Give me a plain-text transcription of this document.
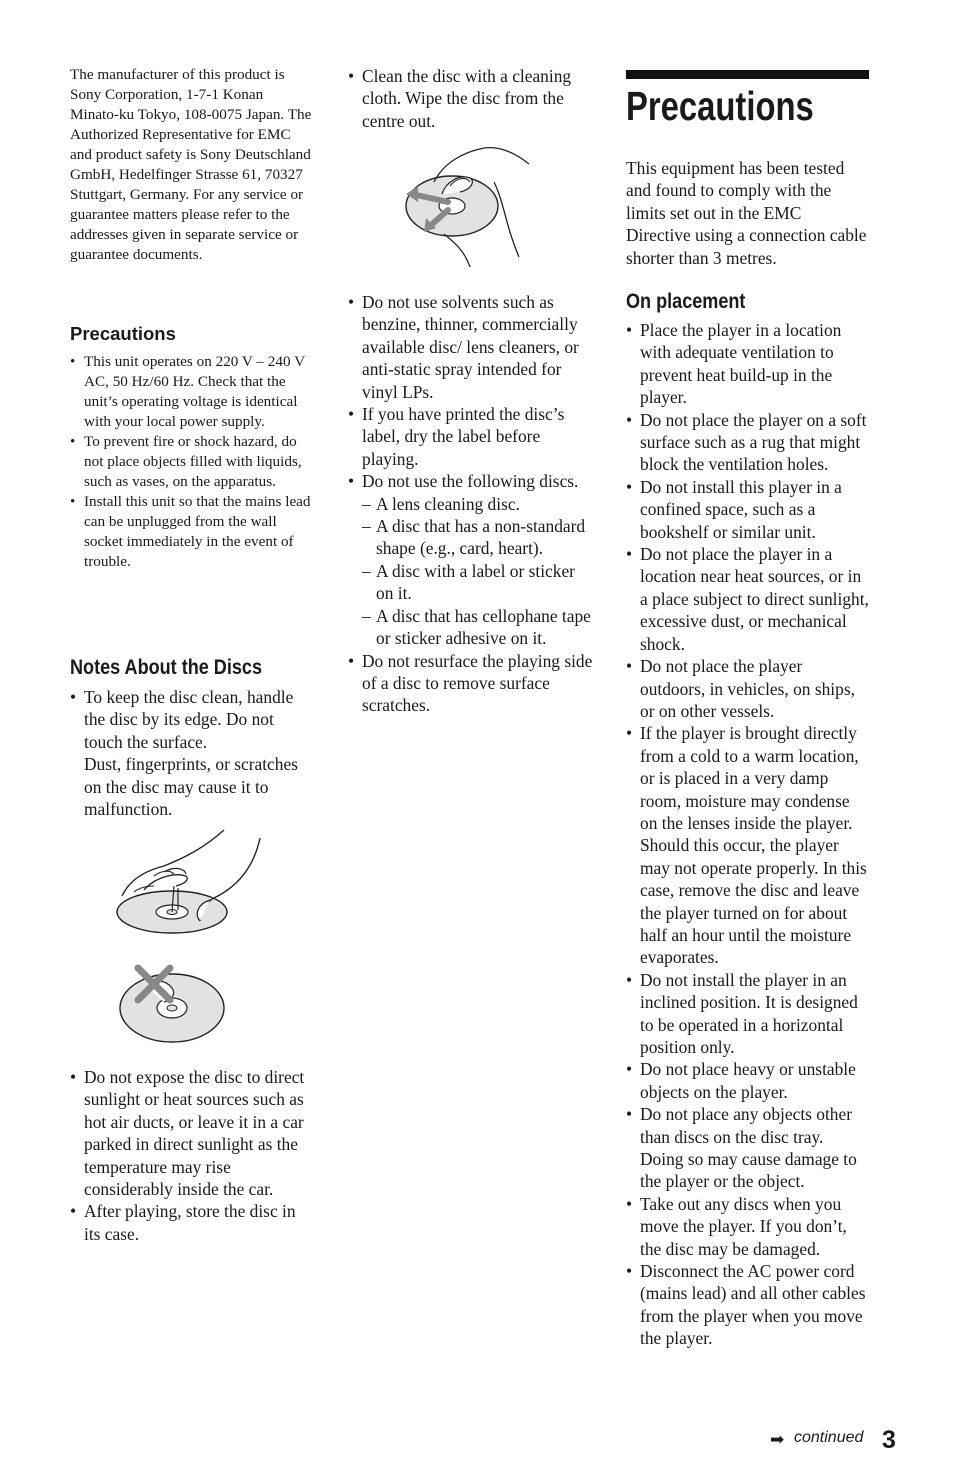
The manufacturer of this product is Sony Corporation, 1-7-1 Konan Minato-ku Tokyo, 108-0075 Japan. The Authorized Representative for EMC and product safety is Sony Deutschland GmbH, Hedelfinger Strasse 61, 70327 Stuttgart, Germany. For any service or guarantee matters please refer to the addresses given in separate service or guarantee documents.
Precautions
• This unit operates on 220 V – 240 V AC, 50 Hz/60 Hz. Check that the unit’s operating voltage is identical with your local power supply.
• To prevent fire or shock hazard, do not place objects filled with liquids, such as vases, on the apparatus.
• Install this unit so that the mains lead can be unplugged from the wall socket immediately in the event of trouble.
Notes About the Discs
• To keep the disc clean, handle the disc by its edge. Do not touch the surface.
Dust, fingerprints, or scratches on the disc may cause it to malfunction.
• Do not expose the disc to direct sunlight or heat sources such as hot air ducts, or leave it in a car parked in direct sunlight as the temperature may rise considerably inside the car.
• After playing, store the disc in its case.
• Clean the disc with a cleaning cloth. Wipe the disc from the centre out.
• Do not use solvents such as benzine, thinner, commercially available disc/ lens cleaners, or anti-static spray intended for vinyl LPs.
• If you have printed the disc’s label, dry the label before playing.
• Do not use the following discs.
– A lens cleaning disc.
– A disc that has a non-standard shape (e.g., card, heart).
– A disc with a label or sticker on it.
– A disc that has cellophane tape or sticker adhesive on it.
• Do not resurface the playing side of a disc to remove surface scratches.
Precautions
This equipment has been tested and found to comply with the limits set out in the EMC Directive using a connection cable shorter than 3 metres.
On placement
• Place the player in a location with adequate ventilation to prevent heat build-up in the player.
• Do not place the player on a soft surface such as a rug that might block the ventilation holes.
• Do not install this player in a confined space, such as a bookshelf or similar unit.
• Do not place the player in a location near heat sources, or in a place subject to direct sunlight, excessive dust, or mechanical shock.
• Do not place the player outdoors, in vehicles, on ships, or on other vessels.
• If the player is brought directly from a cold to a warm location, or is placed in a very damp room, moisture may condense on the lenses inside the player. Should this occur, the player may not operate properly. In this case, remove the disc and leave the player turned on for about half an hour until the moisture evaporates.
• Do not install the player in an inclined position. It is designed to be operated in a horizontal position only.
• Do not place heavy or unstable objects on the player.
• Do not place any objects other than discs on the disc tray. Doing so may cause damage to the player or the object.
• Take out any discs when you move the player. If you don’t, the disc may be damaged.
• Disconnect the AC power cord (mains lead) and all other cables from the player when you move the player.
➡ continued 3
